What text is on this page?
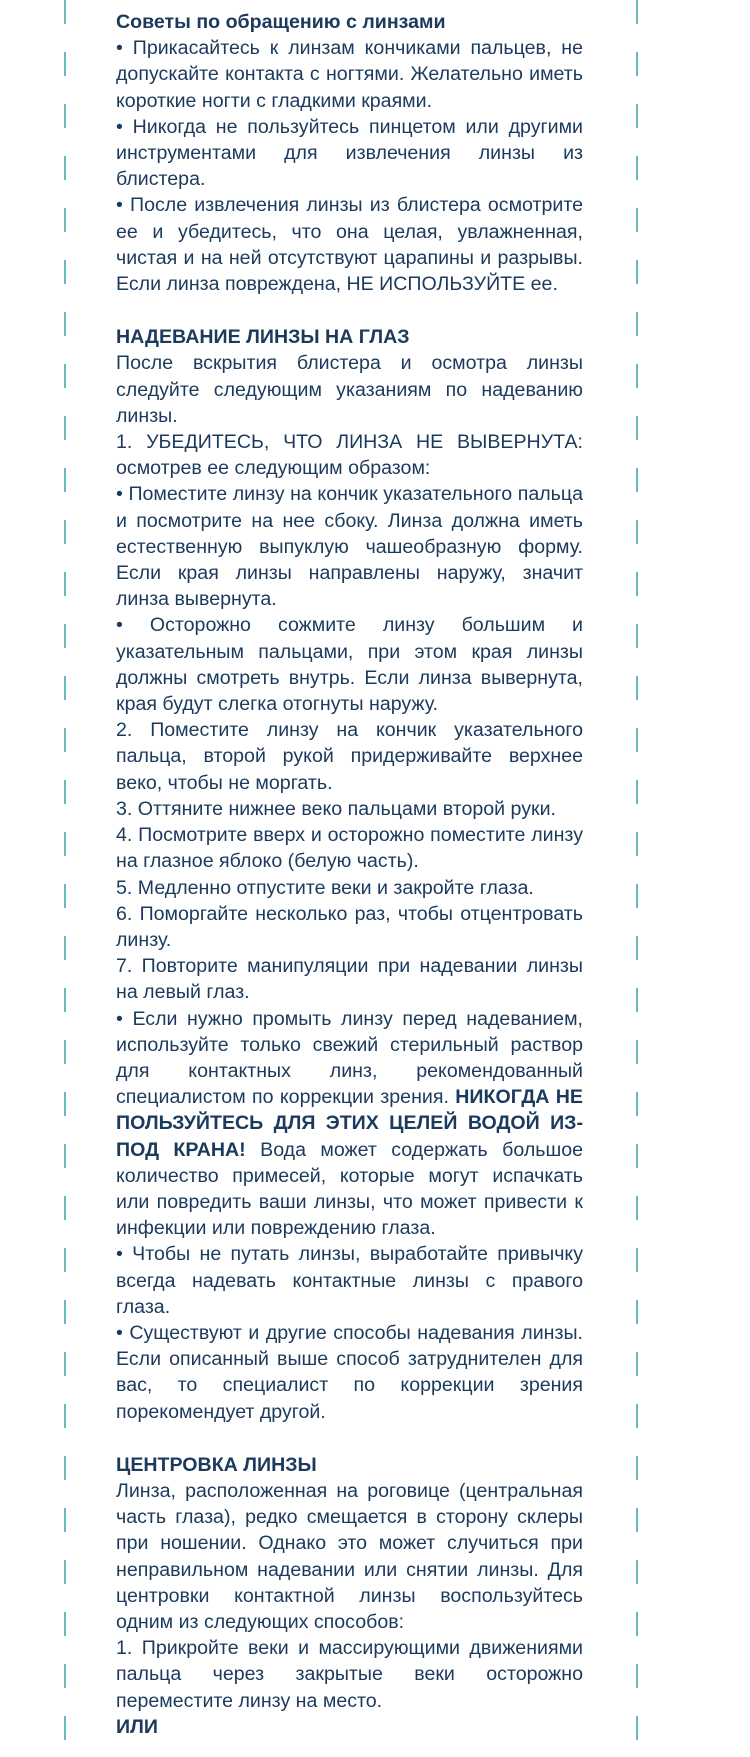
Советы по обращению с линзами

• Прикасайтесь к линзам кончиками пальцев, не допускайте контакта с ногтями. Желательно иметь короткие ногти с гладкими краями.

• Никогда не пользуйтесь пинцетом или другими инструментами для извлечения линзы из блистера.

• После извлечения линзы из блистера осмотрите ее и убедитесь, что она целая, увлажненная, чистая и на ней отсутствуют царапины и разрывы. Если линза повреждена, НЕ ИСПОЛЬЗУЙТЕ ее.

НАДЕВАНИЕ ЛИНЗЫ НА ГЛАЗ

После вскрытия блистера и осмотра линзы следуйте следующим указаниям по надеванию линзы.

1. УБЕДИТЕСЬ, ЧТО ЛИНЗА НЕ ВЫВЕРНУТА: осмотрев ее следующим образом:

• Поместите линзу на кончик указательного пальца и посмотрите на нее сбоку. Линза должна иметь естественную выпуклую чашеобразную форму. Если края линзы направлены наружу, значит линза вывернута.

• Осторожно сожмите линзу большим и указательным пальцами, при этом края линзы должны смотреть внутрь. Если линза вывернута, края будут слегка отогнуты наружу.

2. Поместите линзу на кончик указательного пальца, второй рукой придерживайте верхнее веко, чтобы не моргать.

3. Оттяните нижнее веко пальцами второй руки.

4. Посмотрите вверх и осторожно поместите линзу на глазное яблоко (белую часть).

5. Медленно отпустите веки и закройте глаза.

6. Поморгайте несколько раз, чтобы отцентровать линзу.

7. Повторите манипуляции при надевании линзы на левый глаз.

• Если нужно промыть линзу перед надеванием, используйте только свежий стерильный раствор для контактных линз, рекомендованный специалистом по коррекции зрения. НИКОГДА НЕ ПОЛЬЗУЙТЕСЬ ДЛЯ ЭТИХ ЦЕЛЕЙ ВОДОЙ ИЗ-ПОД КРАНА! Вода может содержать большое количество примесей, которые могут испачкать или повредить ваши линзы, что может привести к инфекции или повреждению глаза.

• Чтобы не путать линзы, выработайте привычку всегда надевать контактные линзы с правого глаза.

• Существуют и другие способы надевания линзы. Если описанный выше способ затруднителен для вас, то специалист по коррекции зрения порекомендует другой.

ЦЕНТРОВКА ЛИНЗЫ

Линза, расположенная на роговице (центральная часть глаза), редко смещается в сторону склеры при ношении. Однако это может случиться при неправильном надевании или снятии линзы. Для центровки контактной линзы воспользуйтесь одним из следующих способов:

1. Прикройте веки и массирующими движениями пальца через закрытые веки осторожно переместите линзу на место.

ИЛИ
